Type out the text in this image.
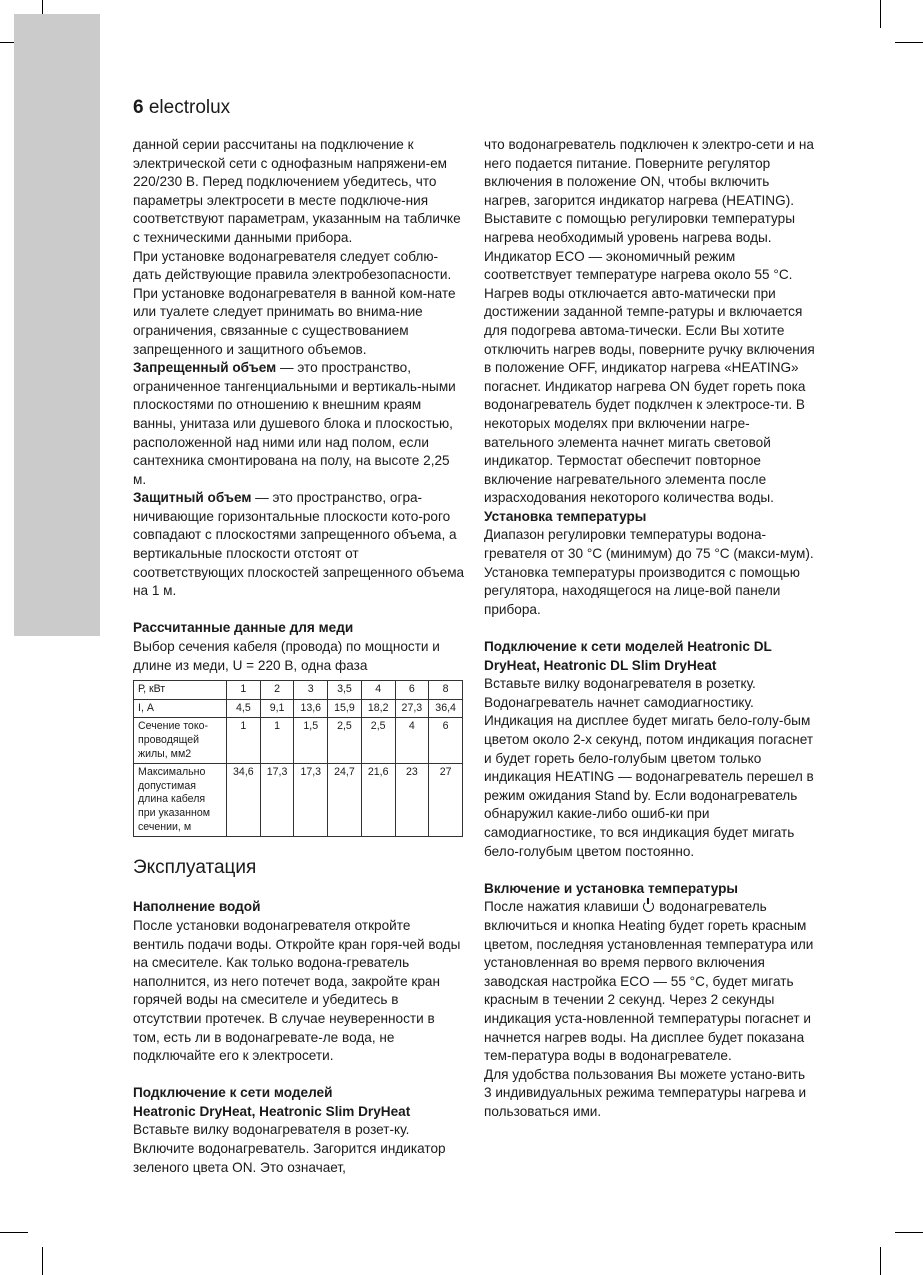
6 electrolux

данной серии рассчитаны на подключение к электрической сети с однофазным напряжени-ем 220/230 В. Перед подключением убедитесь, что параметры электросети в месте подключе-ния соответствуют параметрам, указанным на табличке с техническими данными прибора.

При установке водонагревателя следует соблю-дать действующие правила электробезопасности.

При установке водонагревателя в ванной ком-нате или туалете следует принимать во внима-ние ограничения, связанные с существованием запрещенного и защитного объемов.

Запрещенный объем — это пространство, ограниченное тангенциальными и вертикаль-ными плоскостями по отношению к внешним краям ванны, унитаза или душевого блока и плоскостью, расположенной над ними или над полом, если сантехника смонтирована на полу, на высоте 2,25 м.

Защитный объем — это пространство, огра-ничивающие горизонтальные плоскости кото-рого совпадают с плоскостями запрещенного объема, а вертикальные плоскости отстоят от соответствующих плоскостей запрещенного объема на 1 м.

Рассчитанные данные для меди

Выбор сечения кабеля (провода) по мощности и длине из меди, U = 220 В, одна фаза

Р, кВт	1	2	3	3,5	4	6	8
I, А	4,5	9,1	13,6	15,9	18,2	27,3	36,4
Сечение токо-проводящей жилы, мм2	1	1	1,5	2,5	2,5	4	6
Максимально допустимая длина кабеля при указанном сечении, м	34,6	17,3	17,3	24,7	21,6	23	27

Эксплуатация

Наполнение водой

После установки водонагревателя откройте вентиль подачи воды. Откройте кран горя-чей воды на смесителе. Как только водона-греватель наполнится, из него потечет вода, закройте кран горячей воды на смесителе и убедитесь в отсутствии протечек. В случае неуверенности в том, есть ли в водонагревате-ле вода, не подключайте его к электросети.

Подключение к сети моделей

Heatronic DryHeat, Heatronic Slim DryHeat

Вставьте вилку водонагревателя в розет-ку. Включите водонагреватель. Загорится индикатор зеленого цвета ON. Это означает,

что водонагреватель подключен к электро-сети и на него подается питание. Поверните регулятор включения в положение ON, чтобы включить нагрев, загорится индикатор нагрева (HEATING). Выставите с помощью регулировки температуры нагрева необходимый уровень нагрева воды. Индикатор ECO — экономичный режим соответствует температуре нагрева около 55 °C. Нагрев воды отключается авто-матически при достижении заданной темпе-ратуры и включается для подогрева автома-тически. Если Вы хотите отключить нагрев воды, поверните ручку включения в положение OFF, индикатор нагрева «HEATING» погаснет. Индикатор нагрева ON будет гореть пока водонагреватель будет подклчен к электросе-ти. В некоторых моделях при включении нагре-вательного элемента начнет мигать световой индикатор. Термостат обеспечит повторное включение нагревательного элемента после израсходования некоторого количества воды.

Установка температуры

Диапазон регулировки температуры водона-гревателя от 30 °C (минимум) до 75 °C (макси-мум). Установка температуры производится с помощью регулятора, находящегося на лице-вой панели прибора.

Подключение к сети моделей Heatronic DL DryHeat, Heatronic DL Slim DryHeat

Вставьте вилку водонагревателя в розетку. Водонагреватель начнет самодиагностику. Индикация на дисплее будет мигать бело-голу-бым цветом около 2-х секунд, потом индикация погаснет и будет гореть бело-голубым цветом только индикация HEATING — водонагреватель перешел в режим ожидания Stand by. Если водонагреватель обнаружил какие-либо ошиб-ки при самодиагностике, то вся индикация будет мигать бело-голубым цветом постоянно.

Включение и установка температуры

После нажатия клавиши  водонагреватель включиться и кнопка Heating будет гореть красным цветом, последняя установленная температура или установленная во время первого включения заводская настройка ECO — 55 °C, будет мигать красным в течении 2 секунд. Через 2 секунды индикация уста-новленной температуры погаснет и начнется нагрев воды. На дисплее будет показана тем-пература воды в водонагревателе.

Для удобства пользования Вы можете устано-вить 3 индивидуальных режима температуры нагрева и пользоваться ими.
